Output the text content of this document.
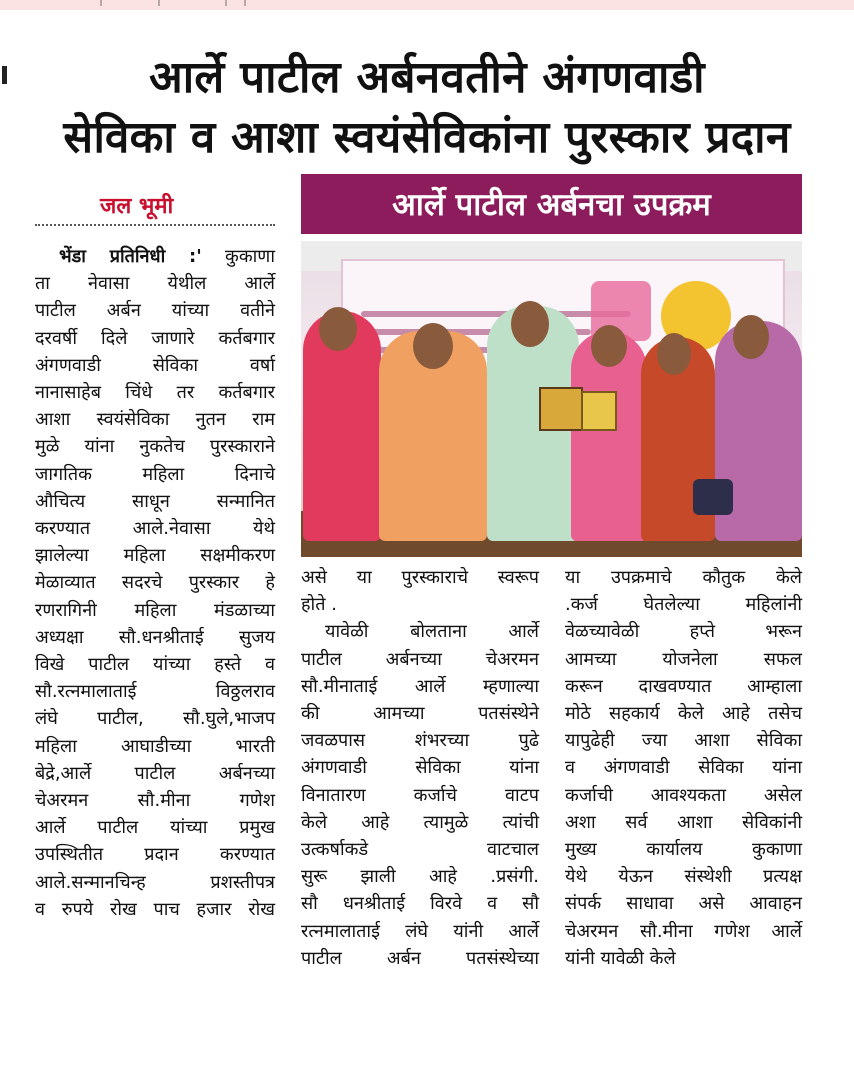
आर्ले पाटील अर्बनवतीने अंगणवाडी
सेविका व आशा स्वयंसेविकांना पुरस्कार प्रदान
जल भूमी	आर्ले पाटील अर्बनचा उपक्रम

भेंडा प्रतिनिधी :' कुकाणा

ता नेवासा येथील आर्ले

पाटील अर्बन यांच्या वतीने

दरवर्षी दिले जाणारे कर्तबगार

अंगणवाडी सेविका वर्षा

नानासाहेब चिंधे तर कर्तबगार

आशा स्वयंसेविका नुतन राम

मुळे यांना नुकतेच पुरस्काराने

जागतिक महिला दिनाचे

औचित्य साधून सन्मानित

करण्यात आले.नेवासा येथे

झालेल्या महिला सक्षमीकरण

मेळाव्यात सदरचे पुरस्कार हे

रणरागिनी महिला मंडळाच्या

अध्यक्षा सौ.धनश्रीताई सुजय

विखे पाटील यांच्या हस्ते व

सौ.रत्नमालाताई विठ्ठलराव

लंघे पाटील, सौ.घुले,भाजप

महिला आघाडीच्या भारती

बेद्रे,आर्ले पाटील अर्बनच्या

चेअरमन सौ.मीना गणेश

आर्ले पाटील यांच्या प्रमुख

उपस्थितीत प्रदान करण्यात

आले.सन्मानचिन्ह प्रशस्तीपत्र

व रुपये रोख पाच हजार रोख

असे या पुरस्काराचे स्वरूप

होते .

यावेळी बोलताना आर्ले

पाटील अर्बनच्या चेअरमन

सौ.मीनाताई आर्ले म्हणाल्या

की आमच्या पतसंस्थेने

जवळपास शंभरच्या पुढे

अंगणवाडी सेविका यांना

विनातारण कर्जाचे वाटप

केले आहे त्यामुळे त्यांची

उत्कर्षाकडे वाटचाल

सुरू झाली आहे .प्रसंगी.

सौ धनश्रीताई विरवे व सौ

रत्नमालाताई लंघे यांनी आर्ले

पाटील अर्बन पतसंस्थेच्या

या उपक्रमाचे कौतुक केले

.कर्ज घेतलेल्या महिलांनी

वेळच्यावेळी हप्ते भरून

आमच्या योजनेला सफल

करून दाखवण्यात आम्हाला

मोठे सहकार्य केले आहे तसेच

यापुढेही ज्या आशा सेविका

व अंगणवाडी सेविका यांना

कर्जाची आवश्यकता असेल

अशा सर्व आशा सेविकांनी

मुख्य कार्यालय कुकाणा

येथे येऊन संस्थेशी प्रत्यक्ष

संपर्क साधावा असे आवाहन

चेअरमन सौ.मीना गणेश आर्ले

यांनी यावेळी केले
